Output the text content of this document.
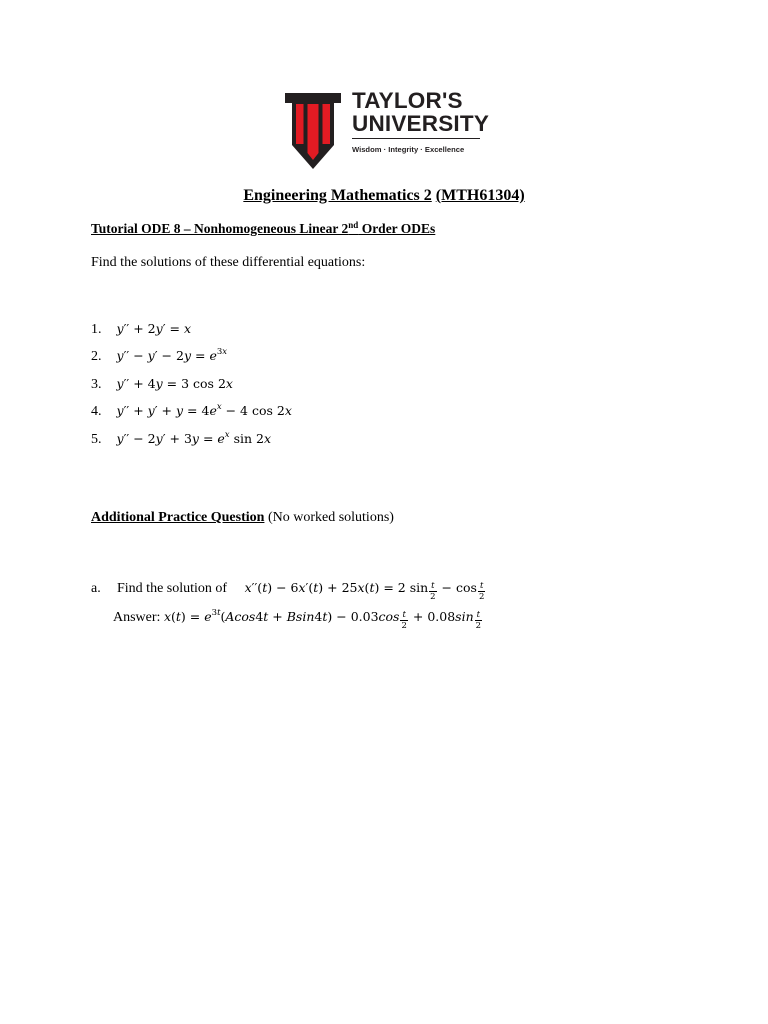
TAYLOR'S
UNIVERSITY
Wisdom · Integrity · Excellence
Engineering Mathematics 2 (MTH61304)
Tutorial ODE 8 – Nonhomogeneous Linear 2nd Order ODEs
Find the solutions of these differential equations:
1. y′′ + 2y′ = x
2. $y'' - y' - 2y = e^{3x}$
3. y′′ + 4y = 3 cos 2x
4. $y'' + y' + y = 4e^x - 4$ cos 2x
5. $y'' - 2y' + 3y = e^x$ sin 2x
Additional Practice Question (No worked solutions)
a. Find the solution of x′′(t) − 6x′(t) + 25x(t) = 2 $\sin \frac{t}{2} - \cos \frac{t}{2}$
Answer: $x(t) = e^{3t}(Acos4t + Bsin4t) - 0.03\cos \frac{t}{2} + 0.08\sin \frac{t}{2}$
